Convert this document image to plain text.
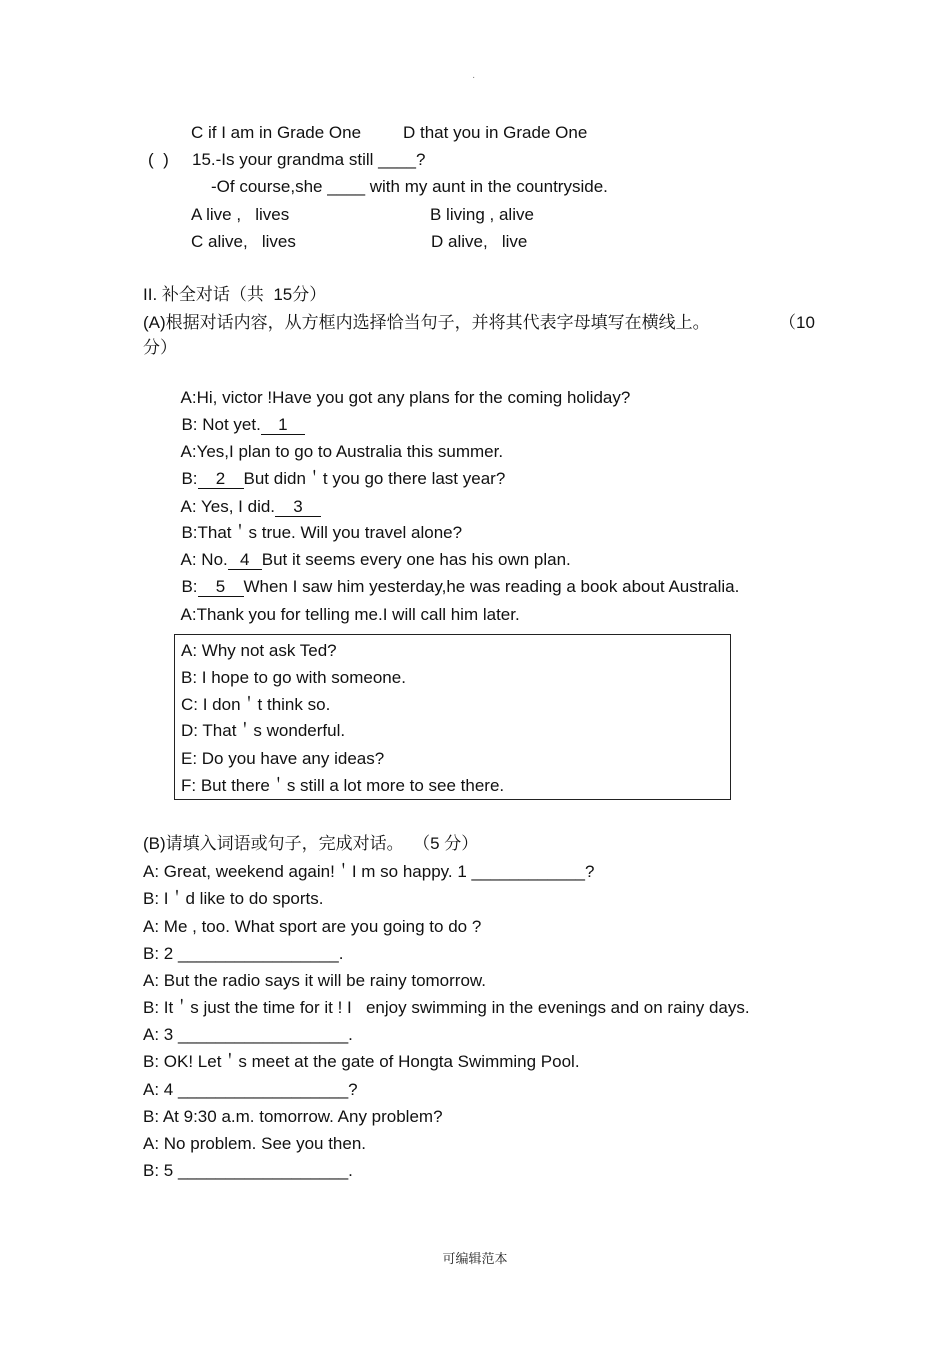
·
C if I am in Grade One D that you in Grade One
(  ) 15.-Is your grandma still ____?
-Of course,she ____ with my aunt in the countryside.
A live ,   lives	B living , alive
C alive,   lives	D alive,   live
II. 补全对话（共  15分）
(A)根据对话内容，从方框内选择恰当句子，并将其代表字母填写在横线上。	（10
分）

A:Hi, victor !Have you got any plans for the coming holiday?

B: Not yet. 1

A:Yes,I plan to go to Australia this summer.

B: 2 But didn＇t you go there last year?

A: Yes, I did. 3

B:That＇s true. Will you travel alone?

A: No. 4 But it seems every one has his own plan.

B: 5 When I saw him yesterday,he was reading a book about Australia.

A:Thank you for telling me.I will call him later.

A: Why not ask Ted?
B: I hope to go with someone.
C: I don＇t think so.
D: That＇s wonderful.
E: Do you have any ideas?
F: But there＇s still a lot more to see there.
(B)请填入词语或句子，完成对话。  （5 分）
A: Great, weekend again!＇I m so happy. 1 ____________?
B: I＇d like to do sports.
A: Me , too. What sport are you going to do ?
B: 2 _________________.
A: But the radio says it will be rainy tomorrow.
B: It＇s just the time for it ! I   enjoy swimming in the evenings and on rainy days.
A: 3 __________________.
B: OK! Let＇s meet at the gate of Hongta Swimming Pool.
A: 4 __________________?
B: At 9:30 a.m. tomorrow. Any problem?
A: No problem. See you then.
B: 5 __________________.
可编辑范本
